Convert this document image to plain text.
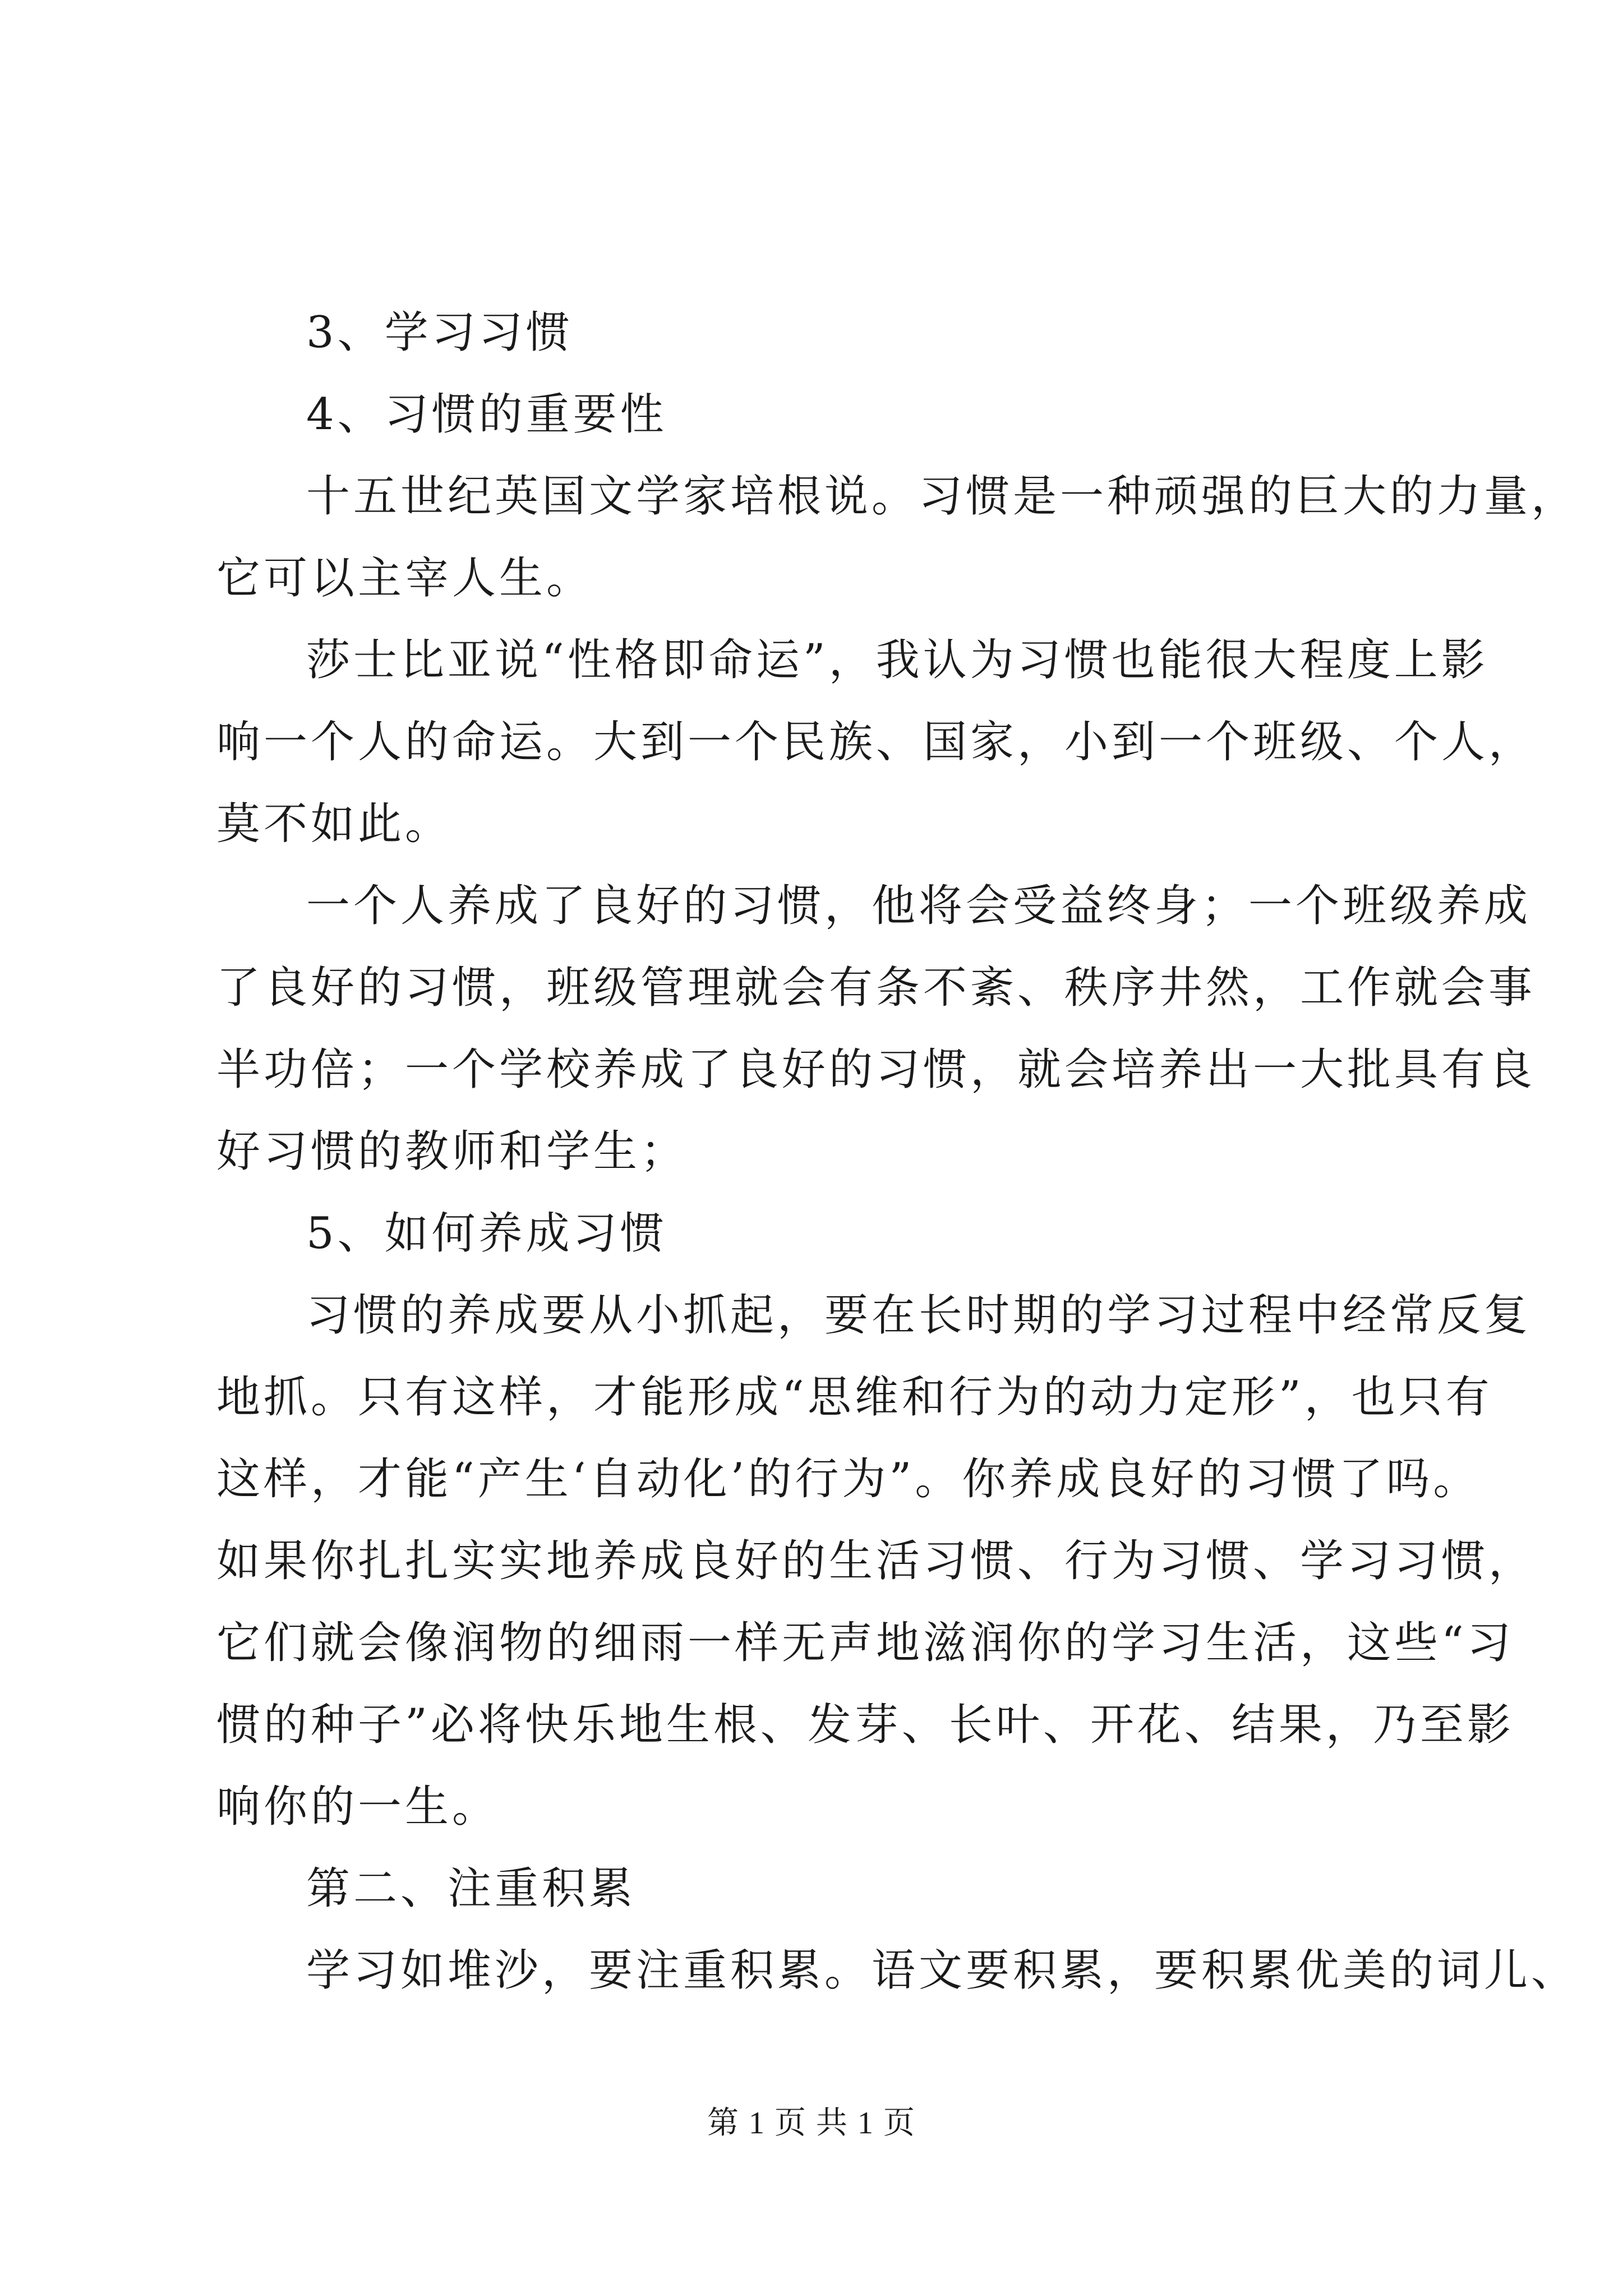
3、学习习惯
4、习惯的重要性
十五世纪英国文学家培根说。习惯是一种顽强的巨大的力量，
它可以主宰人生。
莎士比亚说“性格即命运”，我认为习惯也能很大程度上影
响一个人的命运。大到一个民族、国家，小到一个班级、个人，
莫不如此。
一个人养成了良好的习惯，他将会受益终身；一个班级养成
了良好的习惯，班级管理就会有条不紊、秩序井然，工作就会事
半功倍；一个学校养成了良好的习惯，就会培养出一大批具有良
好习惯的教师和学生；
5、如何养成习惯
习惯的养成要从小抓起，要在长时期的学习过程中经常反复
地抓。只有这样，才能形成“思维和行为的动力定形”，也只有
这样，才能“产生‘自动化’的行为”。你养成良好的习惯了吗。
如果你扎扎实实地养成良好的生活习惯、行为习惯、学习习惯，
它们就会像润物的细雨一样无声地滋润你的学习生活，这些“习
惯的种子”必将快乐地生根、发芽、长叶、开花、结果，乃至影
响你的一生。
第二、注重积累
学习如堆沙，要注重积累。语文要积累，要积累优美的词儿、
第 1 页 共 1 页
